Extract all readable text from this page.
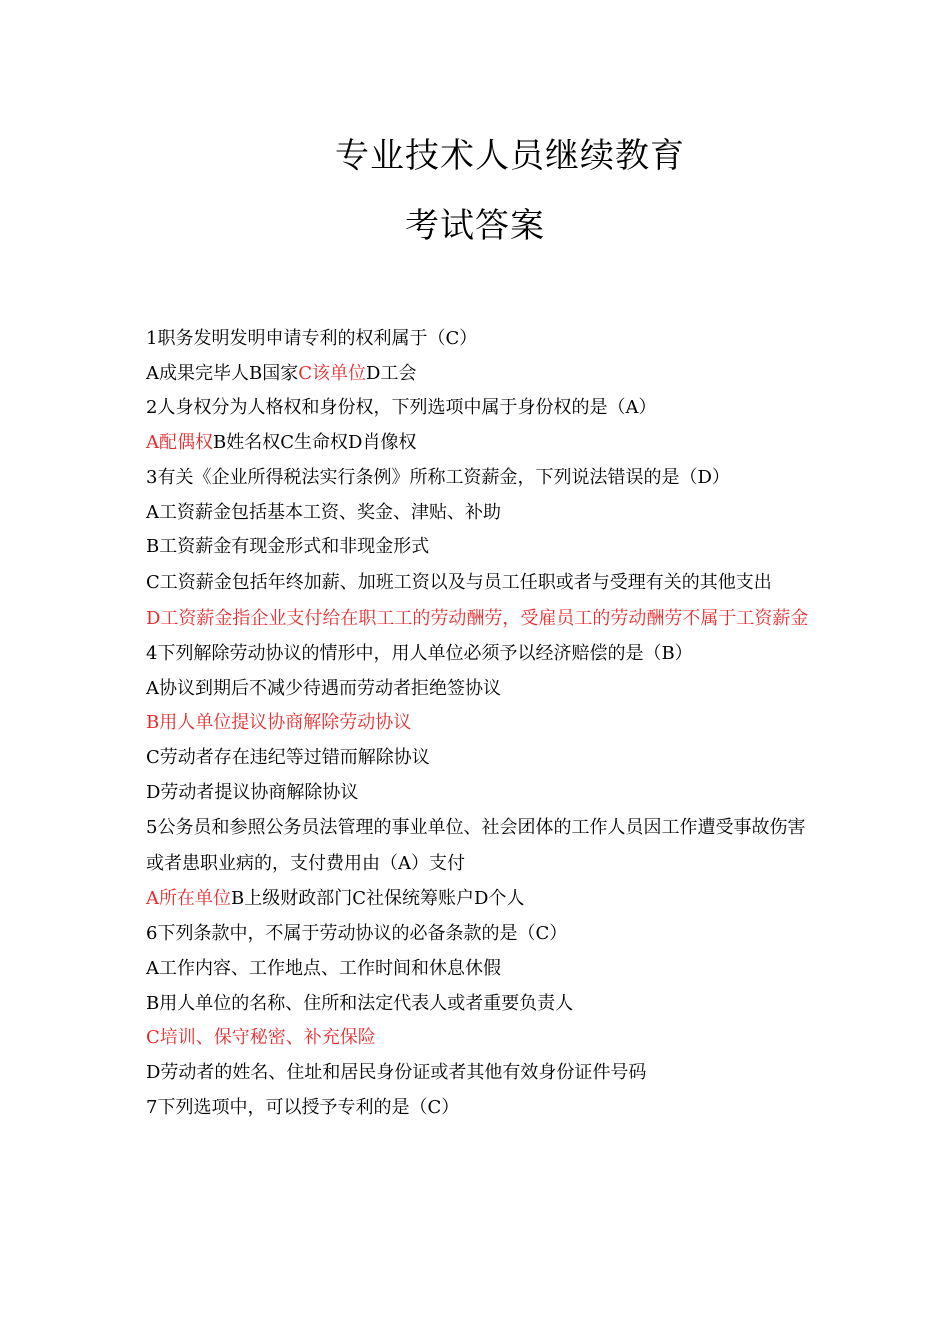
专业技术人员继续教育
考试答案

1职务发明发明申请专利的权利属于（C）

A成果完毕人B国家C该单位D工会

2人身权分为人格权和身份权，下列选项中属于身份权的是（A）

A配偶权B姓名权C生命权D肖像权

3有关《企业所得税法实行条例》所称工资薪金，下列说法错误的是（D）

A工资薪金包括基本工资、奖金、津贴、补助

B工资薪金有现金形式和非现金形式

C工资薪金包括年终加薪、加班工资以及与员工任职或者与受理有关的其他支出

D工资薪金指企业支付给在职工工的劳动酬劳，受雇员工的劳动酬劳不属于工资薪金

4下列解除劳动协议的情形中，用人单位必须予以经济赔偿的是（B）

A协议到期后不减少待遇而劳动者拒绝签协议

B用人单位提议协商解除劳动协议

C劳动者存在违纪等过错而解除协议

D劳动者提议协商解除协议

5公务员和参照公务员法管理的事业单位、社会团体的工作人员因工作遭受事故伤害或者患职业病的，支付费用由（A）支付

A所在单位B上级财政部门C社保统筹账户D个人

6下列条款中，不属于劳动协议的必备条款的是（C）

A工作内容、工作地点、工作时间和休息休假

B用人单位的名称、住所和法定代表人或者重要负责人

C培训、保守秘密、补充保险

D劳动者的姓名、住址和居民身份证或者其他有效身份证件号码

7下列选项中，可以授予专利的是（C）
